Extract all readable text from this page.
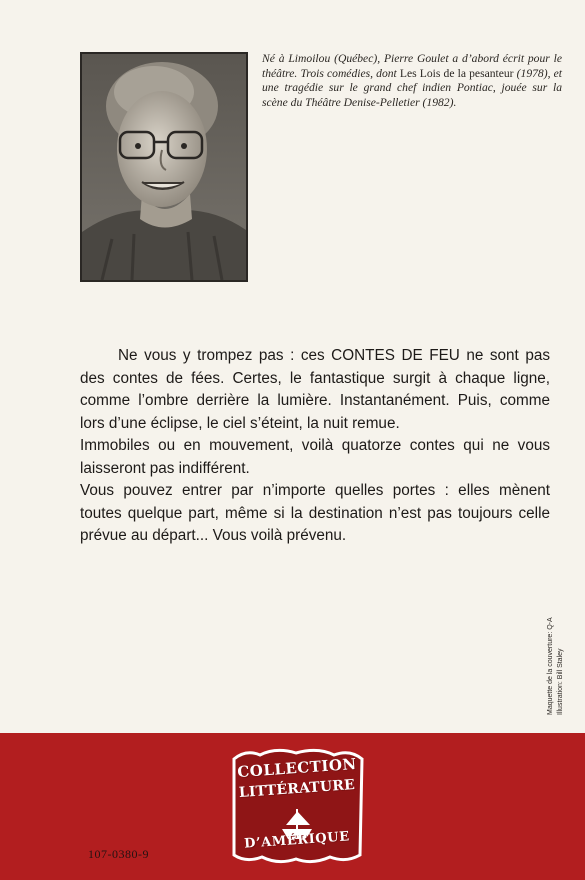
Né à Limoilou (Québec), Pierre Goulet a d’abord écrit pour le théâtre. Trois comédies, dont Les Lois de la pesanteur (1978), et une tragédie sur le grand chef indien Pontiac, jouée sur la scène du Théâtre Denise-Pelletier (1982).

Ne vous y trompez pas : ces CONTES DE FEU ne sont pas des contes de fées. Certes, le fantastique surgit à chaque ligne, comme l’ombre derrière la lumière. Instantanément. Puis, comme lors d’une éclipse, le ciel s’éteint, la nuit remue.

Immobiles ou en mouvement, voilà quatorze contes qui ne vous laisseront pas indifférent.

Vous pouvez entrer par n’importe quelles portes : elles mènent toutes quelque part, même si la destination n’est pas toujours celle prévue au départ... Vous voilà prévenu.

Maquette de la couverture: Q-A Illustration: Bill Staley
COLLECTION
LITTÉRATURE
D’AMÉRIQUE
107-0380-9
